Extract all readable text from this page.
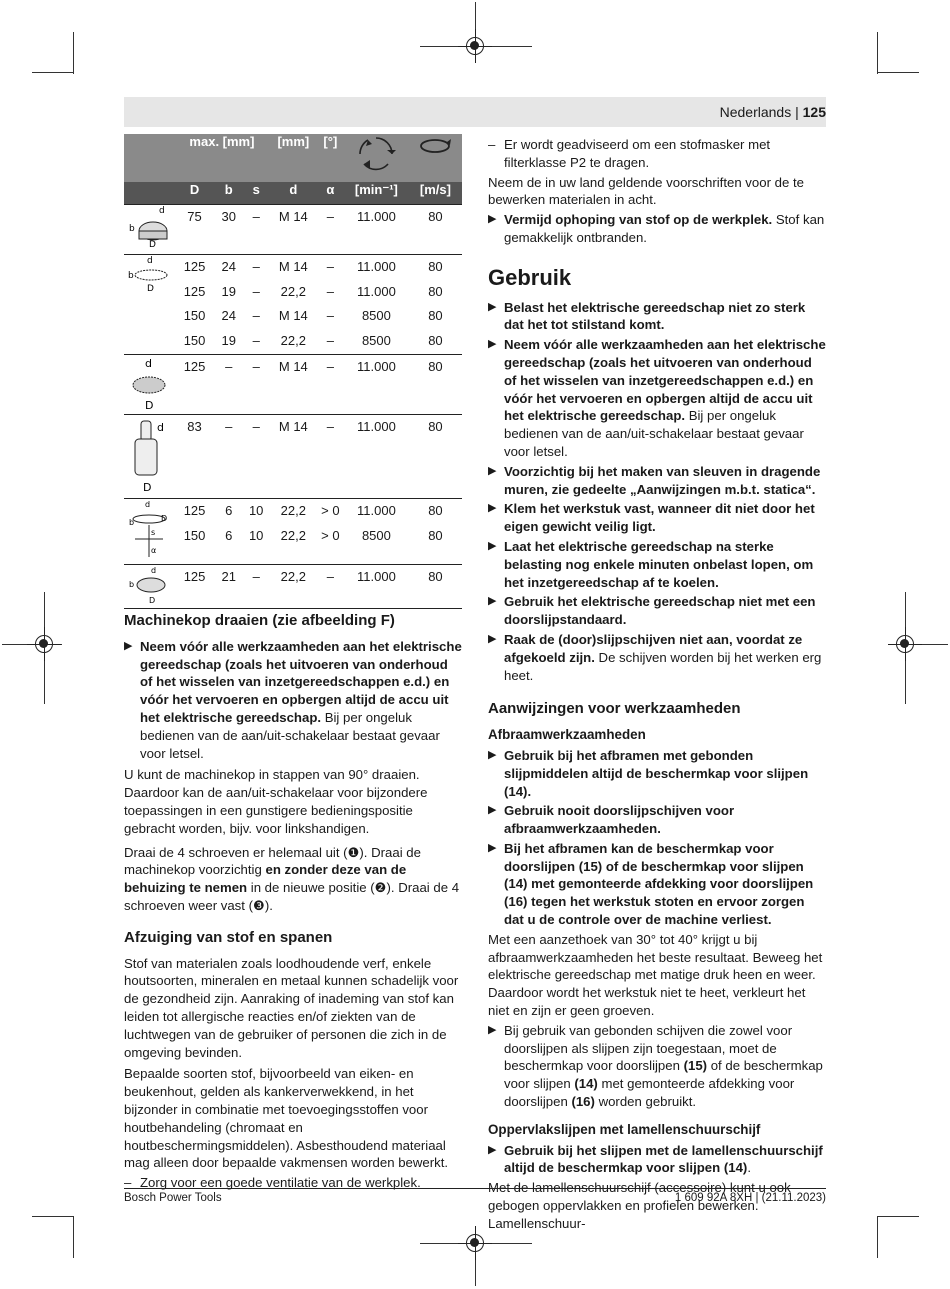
Nederlands | 125
	max. [mm]			[mm]	[°]		
	D	b	s	d	α	[min⁻¹]	[m/s]

d
b
D	75	30	–	M 14	–	11.000	80

d
b
D	125	24	–	M 14	–	11.000	80
	125	19	–	22,2	–	11.000	80
	150	24	–	M 14	–	8500	80
	150	19	–	22,2	–	8500	80

d
D	125	–	–	M 14	–	11.000	80

d
D	83	–	–	M 14	–	11.000	80

d
D
b
s
α	125	6	10	22,2	> 0	11.000	80
	150	6	10	22,2	> 0	8500	80

d
b
D	125	21	–	22,2	–	11.000	80

Machinekop draaien (zie afbeelding F)
▶ Neem vóór alle werkzaamheden aan het elektrische gereedschap (zoals het uitvoeren van onderhoud of het wisselen van inzetgereedschappen e.d.) en vóór het vervoeren en opbergen altijd de accu uit het elektrische gereedschap. Bij per ongeluk bedienen van de aan/uit-schakelaar bestaat gevaar voor letsel.

U kunt de machinekop in stappen van 90° draaien. Daardoor kan de aan/uit-schakelaar voor bijzondere toepassingen in een gunstigere bedieningspositie gebracht worden, bijv. voor linkshandigen.

Draai de 4 schroeven er helemaal uit (❶). Draai de machinekop voorzichtig en zonder deze van de behuizing te nemen in de nieuwe positie (❷). Draai de 4 schroeven weer vast (❸).

Afzuiging van stof en spanen

Stof van materialen zoals loodhoudende verf, enkele houtsoorten, mineralen en metaal kunnen schadelijk voor de gezondheid zijn. Aanraking of inademing van stof kan leiden tot allergische reacties en/of ziekten van de luchtwegen van de gebruiker of personen die zich in de omgeving bevinden.

Bepaalde soorten stof, bijvoorbeeld van eiken- en beukenhout, gelden als kankerverwekkend, in het bijzonder in combinatie met toevoegingsstoffen voor houtbehandeling (chromaat en houtbeschermingsmiddelen). Asbesthoudend materiaal mag alleen door bepaalde vakmensen worden bewerkt.

– Zorg voor een goede ventilatie van de werkplek.
– Er wordt geadviseerd om een stofmasker met filterklasse P2 te dragen.

Neem de in uw land geldende voorschriften voor de te bewerken materialen in acht.

▶ Vermijd ophoping van stof op de werkplek. Stof kan gemakkelijk ontbranden.
Gebruik
▶ Belast het elektrische gereedschap niet zo sterk dat het tot stilstand komt.
▶ Neem vóór alle werkzaamheden aan het elektrische gereedschap (zoals het uitvoeren van onderhoud of het wisselen van inzetgereedschappen e.d.) en vóór het vervoeren en opbergen altijd de accu uit het elektrische gereedschap. Bij per ongeluk bedienen van de aan/uit-schakelaar bestaat gevaar voor letsel.
▶ Voorzichtig bij het maken van sleuven in dragende muren, zie gedeelte „Aanwijzingen m.b.t. statica“.
▶ Klem het werkstuk vast, wanneer dit niet door het eigen gewicht veilig ligt.
▶ Laat het elektrische gereedschap na sterke belasting nog enkele minuten onbelast lopen, om het inzetgereedschap af te koelen.
▶ Gebruik het elektrische gereedschap niet met een doorslijpstandaard.
▶ Raak de (door)slijpschijven niet aan, voordat ze afgekoeld zijn. De schijven worden bij het werken erg heet.
Aanwijzingen voor werkzaamheden
Afbraamwerkzaamheden
▶ Gebruik bij het afbramen met gebonden slijpmiddelen altijd de beschermkap voor slijpen (14).
▶ Gebruik nooit doorslijpschijven voor afbraamwerkzaamheden.
▶ Bij het afbramen kan de beschermkap voor doorslijpen (15) of de beschermkap voor slijpen (14) met gemonteerde afdekking voor doorslijpen (16) tegen het werkstuk stoten en ervoor zorgen dat u de controle over de machine verliest.

Met een aanzethoek van 30° tot 40° krijgt u bij afbraamwerkzaamheden het beste resultaat. Beweeg het elektrische gereedschap met matige druk heen en weer. Daardoor wordt het werkstuk niet te heet, verkleurt het niet en zijn er geen groeven.

▶ Bij gebruik van gebonden schijven die zowel voor doorslijpen als slijpen zijn toegestaan, moet de beschermkap voor doorslijpen (15) of de beschermkap voor slijpen (14) met gemonteerde afdekking voor doorslijpen (16) worden gebruikt.
Oppervlakslijpen met lamellenschuurschijf
▶ Gebruik bij het slijpen met de lamellenschuurschijf altijd de beschermkap voor slijpen (14).

Met de lamellenschuurschijf (accessoire) kunt u ook gebogen oppervlakken en profielen bewerken. Lamellenschuur-

Bosch Power Tools	1 609 92A 8XH | (21.11.2023)
